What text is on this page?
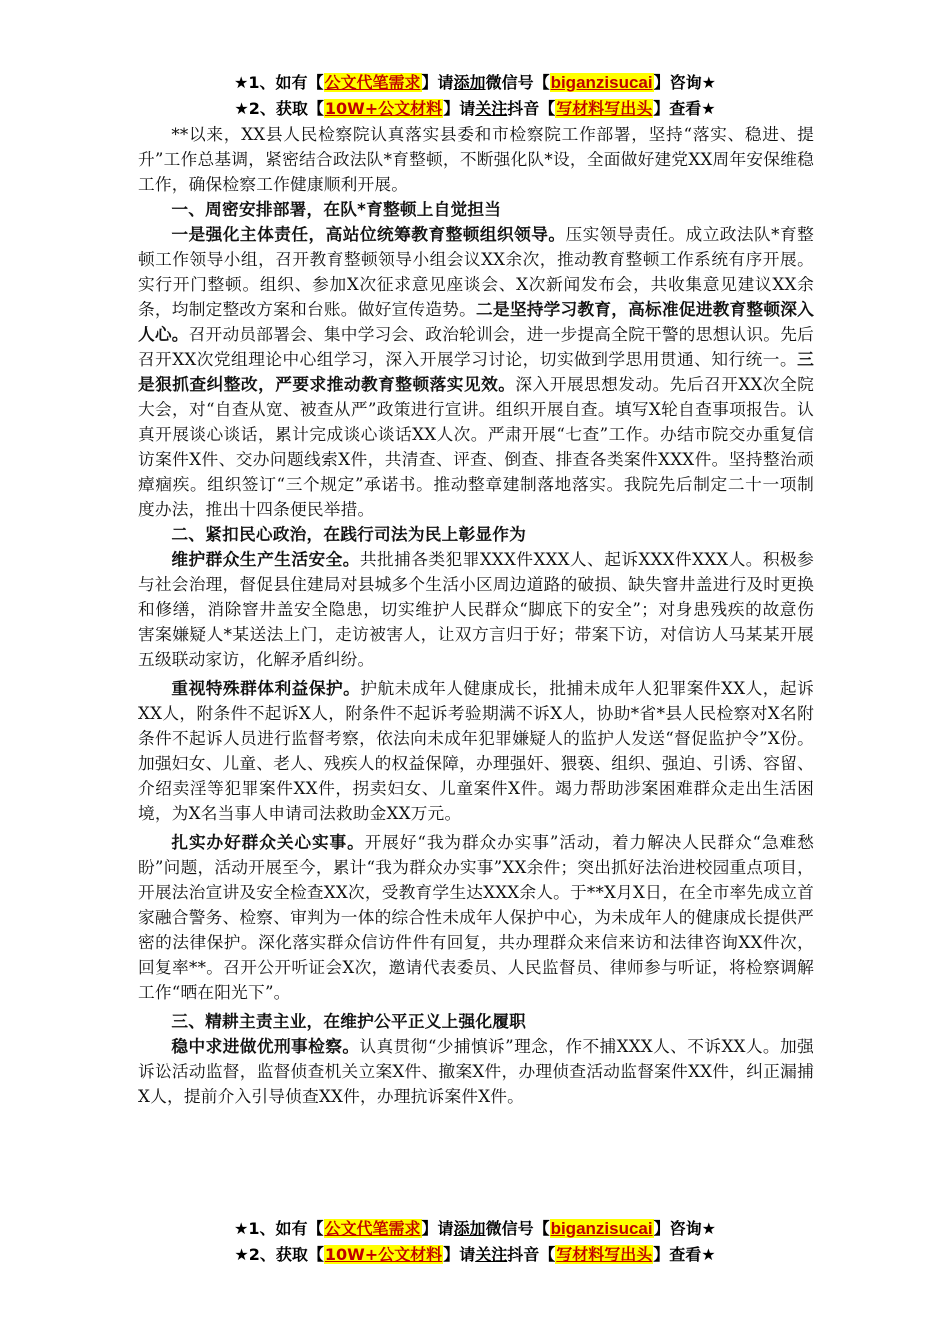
★1、如有【公文代笔需求】请添加微信号【biganzisucai】咨询★
★2、获取【10W+公文材料】请关注抖音【写材料写出头】查看★

**以来，XX县人民检察院认真落实县委和市检察院工作部署，坚持“落实、稳进、提升”工作总基调，紧密结合政法队*育整顿，不断强化队*设，全面做好建党XX周年安保维稳工作，确保检察工作健康顺利开展。

一、周密安排部署，在队*育整顿上自觉担当

一是强化主体责任，高站位统筹教育整顿组织领导。压实领导责任。成立政法队*育整顿工作领导小组，召开教育整顿领导小组会议XX余次，推动教育整顿工作系统有序开展。实行开门整顿。组织、参加X次征求意见座谈会、X次新闻发布会，共收集意见建议XX余条，均制定整改方案和台账。做好宣传造势。二是坚持学习教育，高标准促进教育整顿深入人心。召开动员部署会、集中学习会、政治轮训会，进一步提高全院干警的思想认识。先后召开XX次党组理论中心组学习，深入开展学习讨论，切实做到学思用贯通、知行统一。三是狠抓查纠整改，严要求推动教育整顿落实见效。深入开展思想发动。先后召开XX次全院大会，对“自查从宽、被查从严”政策进行宣讲。组织开展自查。填写X轮自查事项报告。认真开展谈心谈话，累计完成谈心谈话XX人次。严肃开展“七查”工作。办结市院交办重复信访案件X件、交办问题线索X件，共清查、评查、倒查、排查各类案件XXX件。坚持整治顽瘴痼疾。组织签订“三个规定”承诺书。推动整章建制落地落实。我院先后制定二十一项制度办法，推出十四条便民举措。

二、紧扣民心政治，在践行司法为民上彰显作为

维护群众生产生活安全。共批捕各类犯罪XXX件XXX人、起诉XXX件XXX人。积极参与社会治理，督促县住建局对县城多个生活小区周边道路的破损、缺失窨井盖进行及时更换和修缮，消除窨井盖安全隐患，切实维护人民群众“脚底下的安全”；对身患残疾的故意伤害案嫌疑人*某送法上门，走访被害人，让双方言归于好；带案下访，对信访人马某某开展五级联动家访，化解矛盾纠纷。

重视特殊群体利益保护。护航未成年人健康成长，批捕未成年人犯罪案件XX人，起诉XX人，附条件不起诉X人，附条件不起诉考验期满不诉X人，协助*省*县人民检察对X名附条件不起诉人员进行监督考察，依法向未成年犯罪嫌疑人的监护人发送“督促监护令”X份。加强妇女、儿童、老人、残疾人的权益保障，办理强奸、猥亵、组织、强迫、引诱、容留、介绍卖淫等犯罪案件XX件，拐卖妇女、儿童案件X件。竭力帮助涉案困难群众走出生活困境，为X名当事人申请司法救助金XX万元。

扎实办好群众关心实事。开展好“我为群众办实事”活动，着力解决人民群众“急难愁盼”问题，活动开展至今，累计“我为群众办实事”XX余件；突出抓好法治进校园重点项目，开展法治宣讲及安全检查XX次，受教育学生达XXX余人。于**X月X日，在全市率先成立首家融合警务、检察、审判为一体的综合性未成年人保护中心，为未成年人的健康成长提供严密的法律保护。深化落实群众信访件件有回复，共办理群众来信来访和法律咨询XX件次，回复率**。召开公开听证会X次，邀请代表委员、人民监督员、律师参与听证，将检察调解工作“晒在阳光下”。

三、精耕主责主业，在维护公平正义上强化履职

稳中求进做优刑事检察。认真贯彻“少捕慎诉”理念，作不捕XXX人、不诉XX人。加强诉讼活动监督，监督侦查机关立案X件、撤案X件，办理侦查活动监督案件XX件，纠正漏捕X人，提前介入引导侦查XX件，办理抗诉案件X件。

★1、如有【公文代笔需求】请添加微信号【biganzisucai】咨询★
★2、获取【10W+公文材料】请关注抖音【写材料写出头】查看★
